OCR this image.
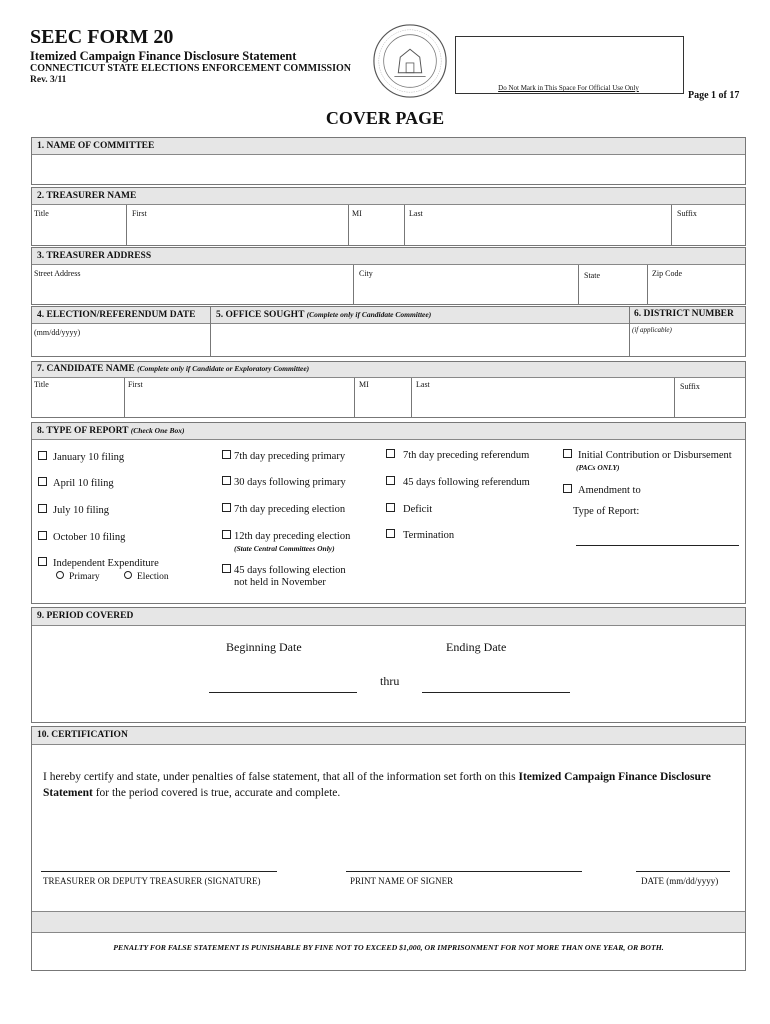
SEEC FORM 20
Itemized Campaign Finance Disclosure Statement
CONNECTICUT STATE ELECTIONS ENFORCEMENT COMMISSION
Rev. 3/11
Do Not Mark in This Space For Official Use Only
Page 1 of 17
COVER PAGE
1. NAME OF COMMITTEE
2. TREASURER NAME
Title	First	MI	Last	Suffix
3. TREASURER ADDRESS
Street Address	City	State	Zip Code
4. ELECTION/REFERENDUM DATE 5. OFFICE SOUGHT (Complete only if Candidate Committee)	6. DISTRICT NUMBER
(mm/dd/yyyy)	(if applicable)
7. CANDIDATE NAME (Complete only if Candidate or Exploratory Committee)
Title	First	MI	Last	Suffix
8. TYPE OF REPORT (Check One Box)
January 10 filing
April 10 filing
July 10 filing
October 10 filing
Independent Expenditure
Primary	Election
7th day preceding primary
30 days following primary
7th day preceding election
12th day preceding election
(State Central Committees Only)
45 days following election
not held in November
7th day preceding referendum
45 days following referendum
Deficit
Termination
Initial Contribution or Disbursement
(PACs ONLY)
Amendment to
Type of Report:
9. PERIOD COVERED
Beginning Date	Ending Date
thru
10. CERTIFICATION
I hereby certify and state, under penalties of false statement, that all of the information set forth on this Itemized Campaign Finance Disclosure Statement for the period covered is true, accurate and complete.
TREASURER OR DEPUTY TREASURER (SIGNATURE)	PRINT NAME OF SIGNER	DATE (mm/dd/yyyy)
PENALTY FOR FALSE STATEMENT IS PUNISHABLE BY FINE NOT TO EXCEED $1,000, OR IMPRISONMENT FOR NOT MORE THAN ONE YEAR, OR BOTH.
